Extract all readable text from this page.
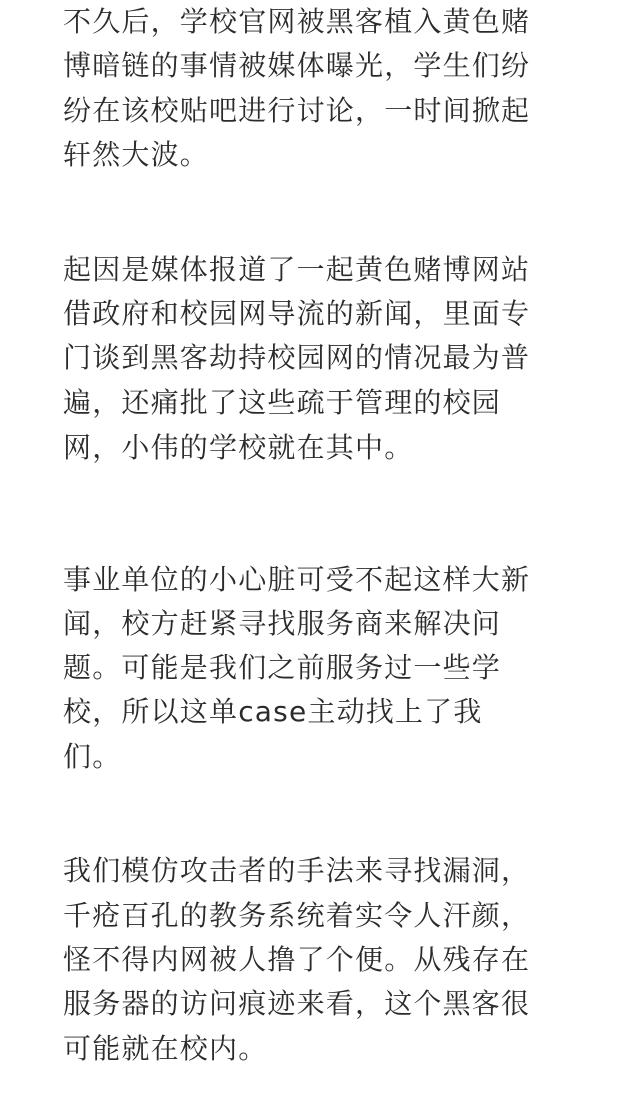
不久后，学校官网被黑客植入黄色赌
博暗链的事情被媒体曝光，学生们纷
纷在该校贴吧进行讨论，一时间掀起
轩然大波。
起因是媒体报道了一起黄色赌博网站
借政府和校园网导流的新闻，里面专
门谈到黑客劫持校园网的情况最为普
遍，还痛批了这些疏于管理的校园
网，小伟的学校就在其中。
事业单位的小心脏可受不起这样大新
闻，校方赶紧寻找服务商来解决问
题。可能是我们之前服务过一些学
校，所以这单case主动找上了我
们。
我们模仿攻击者的手法来寻找漏洞，
千疮百孔的教务系统着实令人汗颜，
怪不得内网被人撸了个便。从残存在
服务器的访问痕迹来看，这个黑客很
可能就在校内。
